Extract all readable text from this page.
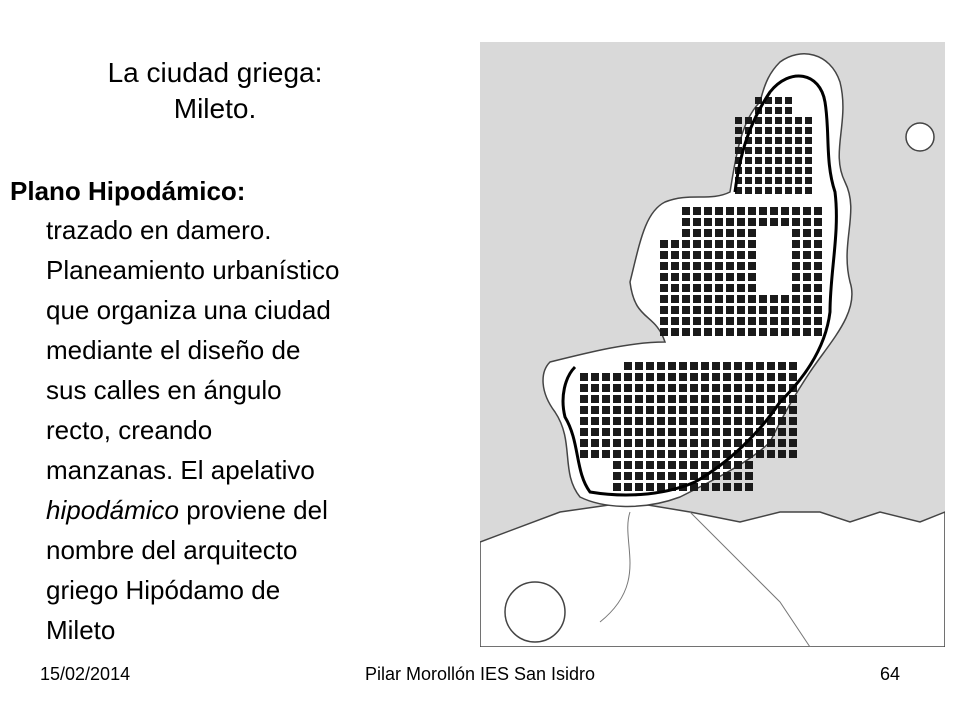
La ciudad griega:
Mileto.
Plano Hipodámico:
trazado en damero.
Planeamiento urbanístico
que organiza una ciudad
mediante el diseño de
sus calles en ángulo
recto, creando
manzanas. El apelativo
hipodámico proviene del
nombre del arquitecto
griego Hipódamo de
Mileto
15/02/2014	Pilar Morollón IES San Isidro	64
